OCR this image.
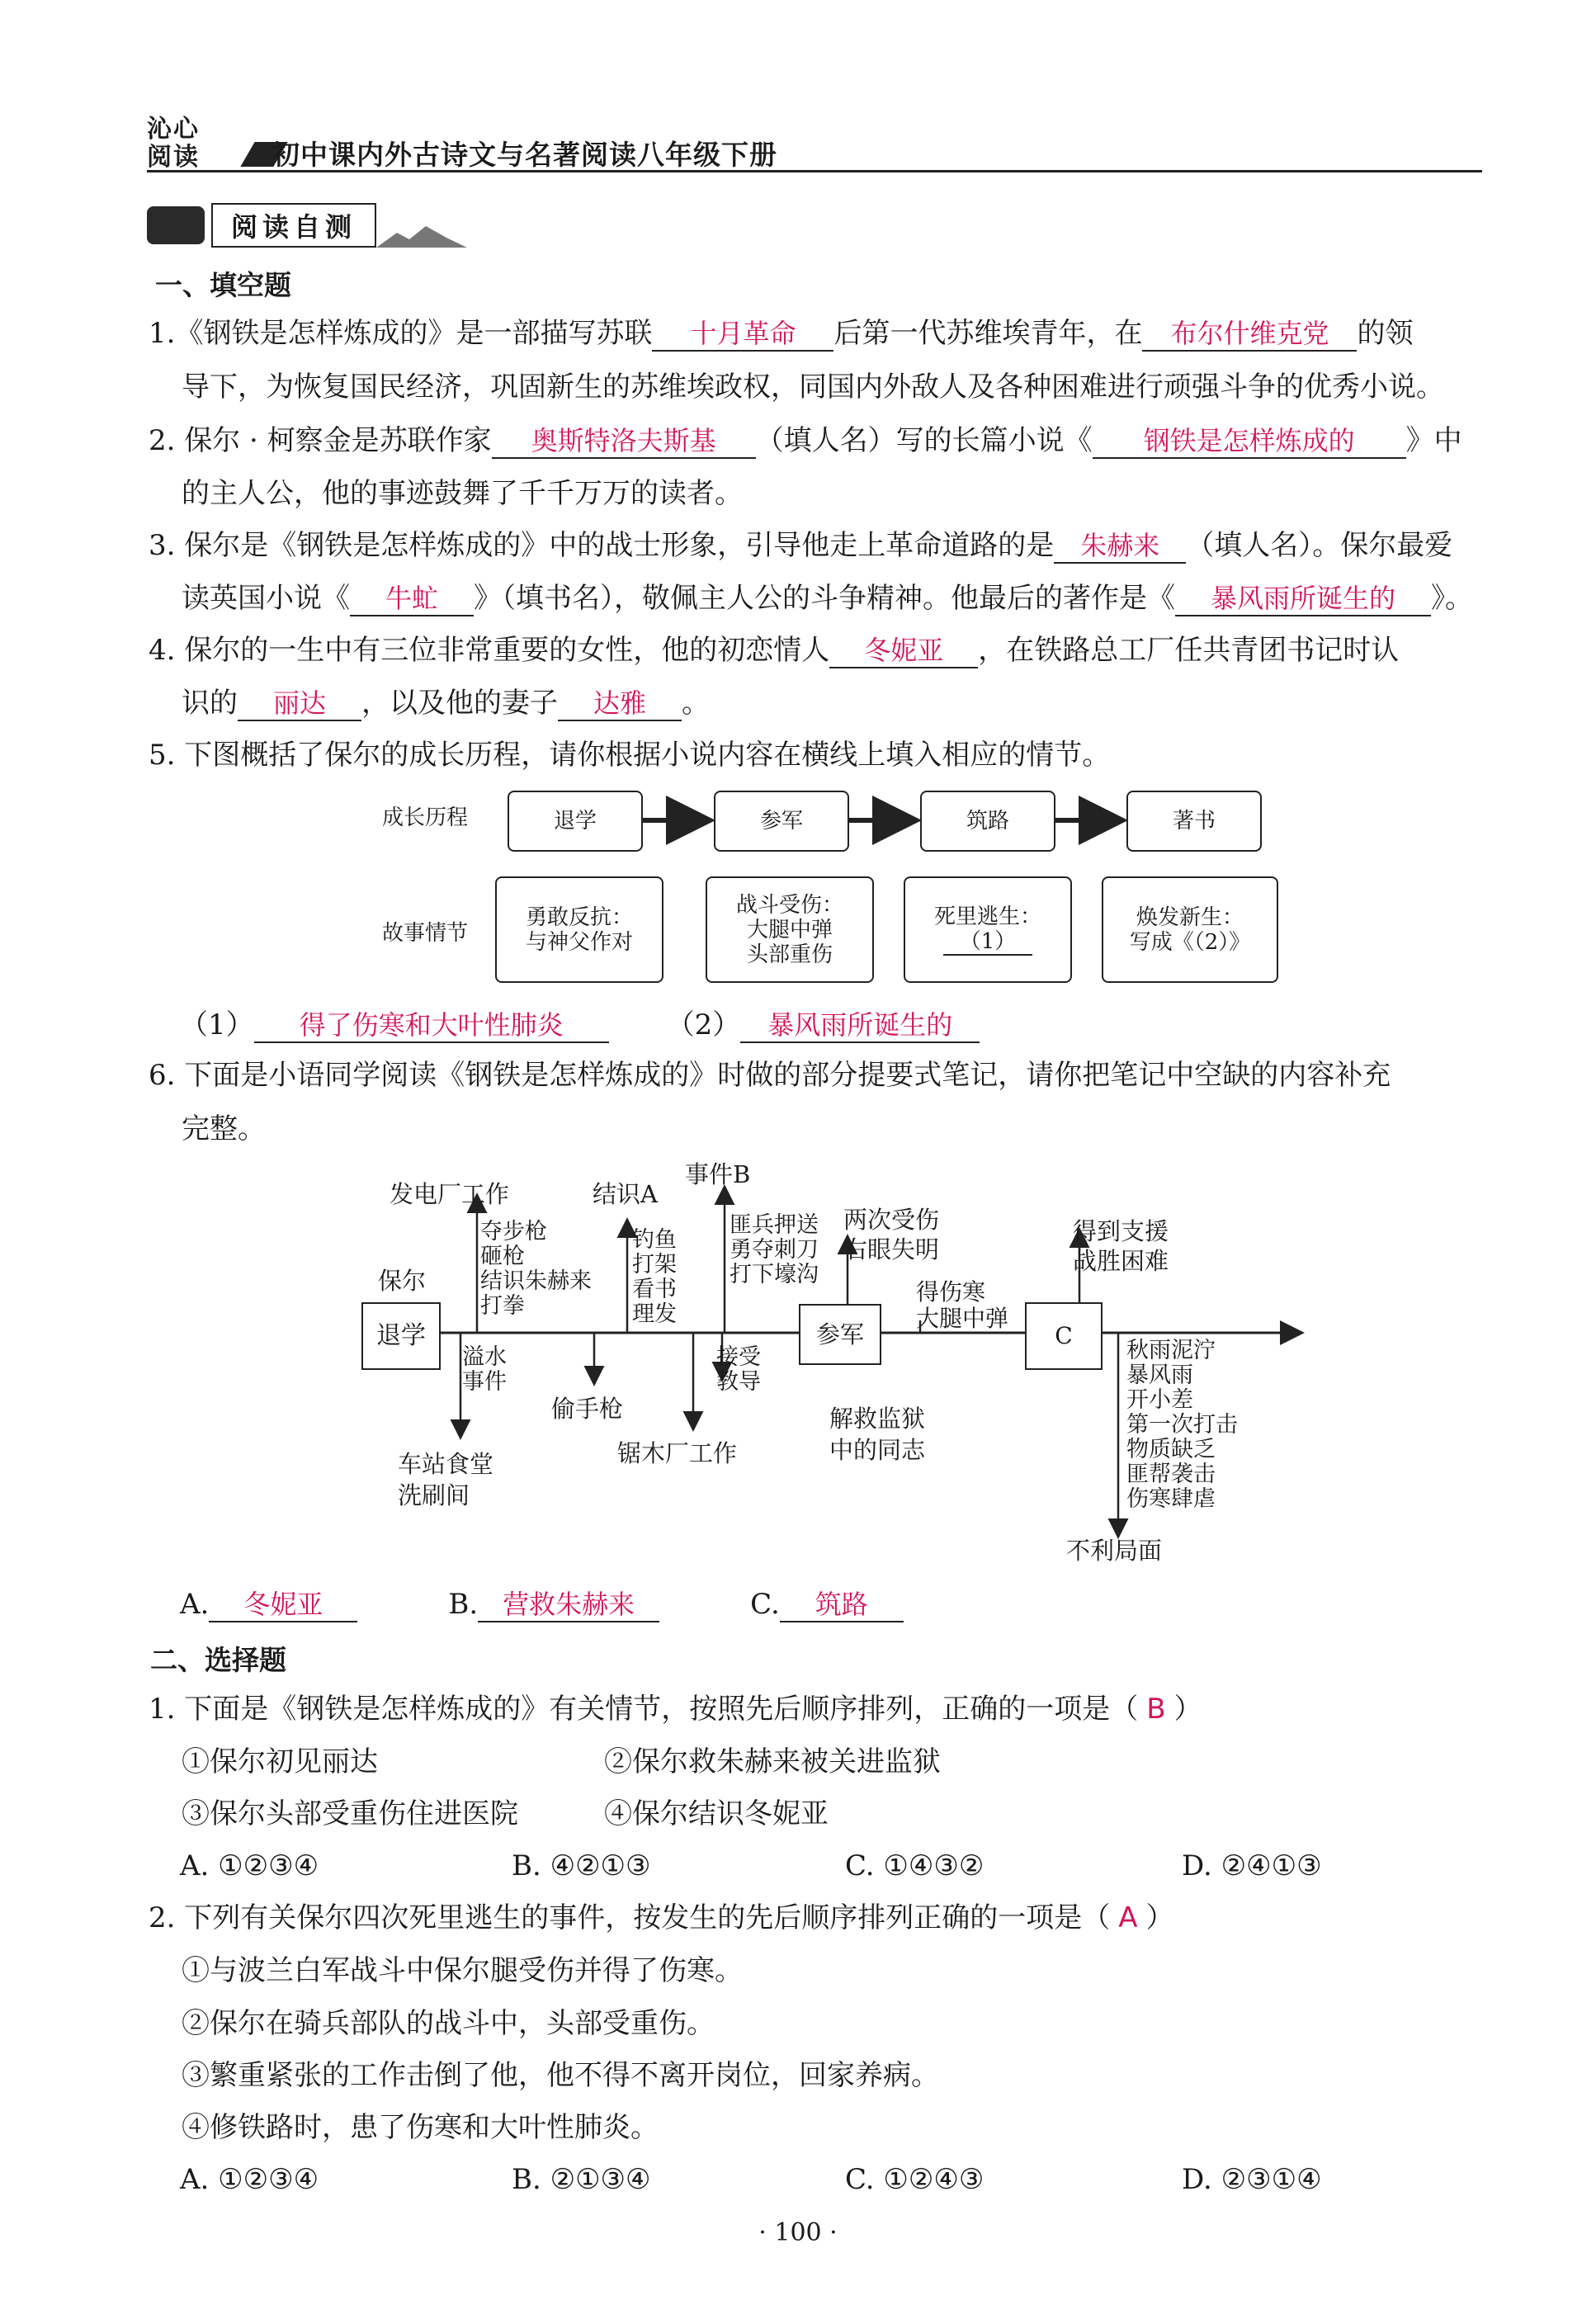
沁心
阅读	初中课内外古诗文与名著阅读八年级下册
阅读自测
一、填空题
1.《钢铁是怎样炼成的》是一部描写苏联 十月革命 后第一代苏维埃青年，在 布尔什维克党 的领
导下，为恢复国民经济，巩固新生的苏维埃政权，同国内外敌人及各种困难进行顽强斗争的优秀小说。
2. 保尔 · 柯察金是苏联作家 奥斯特洛夫斯基 （填人名）写的长篇小说《 钢铁是怎样炼成的 》中
的主人公，他的事迹鼓舞了千千万万的读者。
3. 保尔是《钢铁是怎样炼成的》中的战士形象，引导他走上革命道路的是 朱赫来 （填人名）。保尔最爱
读英国小说《 牛虻 》（填书名），敬佩主人公的斗争精神。他最后的著作是《 暴风雨所诞生的 》。
4. 保尔的一生中有三位非常重要的女性，他的初恋情人 冬妮亚 ，在铁路总工厂任共青团书记时认
识的 丽达 ，以及他的妻子 达雅 。
5. 下图概括了保尔的成长历程，请你根据小说内容在横线上填入相应的情节。
成长历程
故事情节
退学	参军	筑路	著书
勇敢反抗：
与神父作对
战斗受伤：
大腿中弹
头部重伤
死里逃生：
（1）
焕发新生：
写成《（2）》
（1） 得了伤寒和大叶性肺炎	（2） 暴风雨所诞生的
6. 下面是小语同学阅读《钢铁是怎样炼成的》时做的部分提要式笔记，请你把笔记中空缺的内容补充
完整。
保尔
退学	参军	C
发电厂工作
夺步枪
砸枪
结识朱赫来
打拳
结识A
钓鱼
打架
看书
理发
事件B
匪兵押送
勇夺刺刀
打下壕沟
两次受伤
右眼失明
得伤寒
大腿中弹
得到支援
战胜困难
溢水
事件
偷手枪
接受
教导
解救监狱
中的同志
车站食堂
洗刷间
锯木厂工作
秋雨泥泞
暴风雨
开小差
第一次打击
物质缺乏
匪帮袭击
伤寒肆虐
不利局面
A. 冬妮亚	B. 营救朱赫来	C. 筑路
二、选择题
1. 下面是《钢铁是怎样炼成的》有关情节，按照先后顺序排列，正确的一项是（ B ）
①保尔初见丽达	②保尔救朱赫来被关进监狱
③保尔头部受重伤住进医院	④保尔结识冬妮亚
A. ①②③④	B. ④②①③	C. ①④③②	D. ②④①③
2. 下列有关保尔四次死里逃生的事件，按发生的先后顺序排列正确的一项是（ A ）
①与波兰白军战斗中保尔腿受伤并得了伤寒。
②保尔在骑兵部队的战斗中，头部受重伤。
③繁重紧张的工作击倒了他，他不得不离开岗位，回家养病。
④修铁路时，患了伤寒和大叶性肺炎。
A. ①②③④	B. ②①③④	C. ①②④③	D. ②③①④
· 100 ·
